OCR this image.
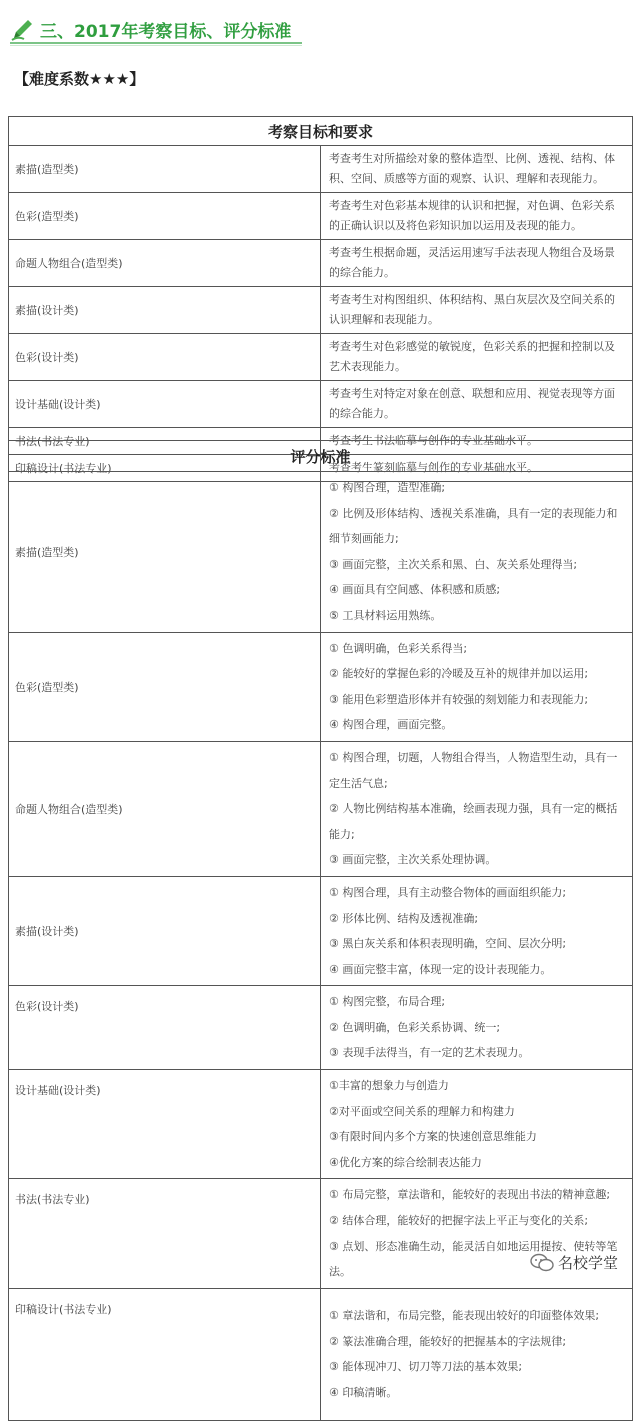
三、2017年考察目标、评分标准
【难度系数★★★】
考察目标和要求	
素描(造型类)	考查考生对所描绘对象的整体造型、比例、透视、结构、体积、空间、质感等方面的观察、认识、理解和表现能力。
色彩(造型类)	考查考生对色彩基本规律的认识和把握，对色调、色彩关系的正确认识以及将色彩知识加以运用及表现的能力。
命题人物组合(造型类)	考查考生根据命题，灵活运用速写手法表现人物组合及场景的综合能力。
素描(设计类)	考查考生对构图组织、体积结构、黑白灰层次及空间关系的认识理解和表现能力。
色彩(设计类)	考查考生对色彩感觉的敏锐度，色彩关系的把握和控制以及艺术表现能力。
设计基础(设计类)	考查考生对特定对象在创意、联想和应用、视觉表现等方面的综合能力。
书法(书法专业)	考查考生书法临摹与创作的专业基础水平。
印稿设计(书法专业)	考查考生篆刻临摹与创作的专业基础水平。
评分标准	
素描(造型类)	① 构图合理，造型准确;
② 比例及形体结构、透视关系准确，具有一定的表现能力和细节刻画能力;
③ 画面完整，主次关系和黑、白、灰关系处理得当;
④ 画面具有空间感、体积感和质感;
⑤ 工具材料运用熟练。

色彩(造型类)	① 色调明确，色彩关系得当;
② 能较好的掌握色彩的冷暖及互补的规律并加以运用;
③ 能用色彩塑造形体并有较强的刻划能力和表现能力;
④ 构图合理，画面完整。

命题人物组合(造型类)	① 构图合理，切题，人物组合得当，人物造型生动，具有一定生活气息;
② 人物比例结构基本准确，绘画表现力强，具有一定的概括能力;
③ 画面完整，主次关系处理协调。

素描(设计类)	① 构图合理，具有主动整合物体的画面组织能力;
② 形体比例、结构及透视准确;
③ 黑白灰关系和体积表现明确，空间、层次分明;
④ 画面完整丰富，体现一定的设计表现能力。

色彩(设计类)	① 构图完整，布局合理;
② 色调明确，色彩关系协调、统一;
③ 表现手法得当，有一定的艺术表现力。

设计基础(设计类)	①丰富的想象力与创造力
②对平面或空间关系的理解力和构建力
③有限时间内多个方案的快速创意思维能力
④优化方案的综合绘制表达能力

书法(书法专业)	① 布局完整，章法谐和，能较好的表现出书法的精神意趣;
② 结体合理，能较好的把握字法上平正与变化的关系;
③ 点划、形态准确生动，能灵活自如地运用提按、使转等笔法。

印稿设计(书法专业)	① 章法谐和，布局完整，能表现出较好的印面整体效果;
② 篆法准确合理，能较好的把握基本的字法规律;
③ 能体现冲刀、切刀等刀法的基本效果;
④ 印稿清晰。
名校学堂
